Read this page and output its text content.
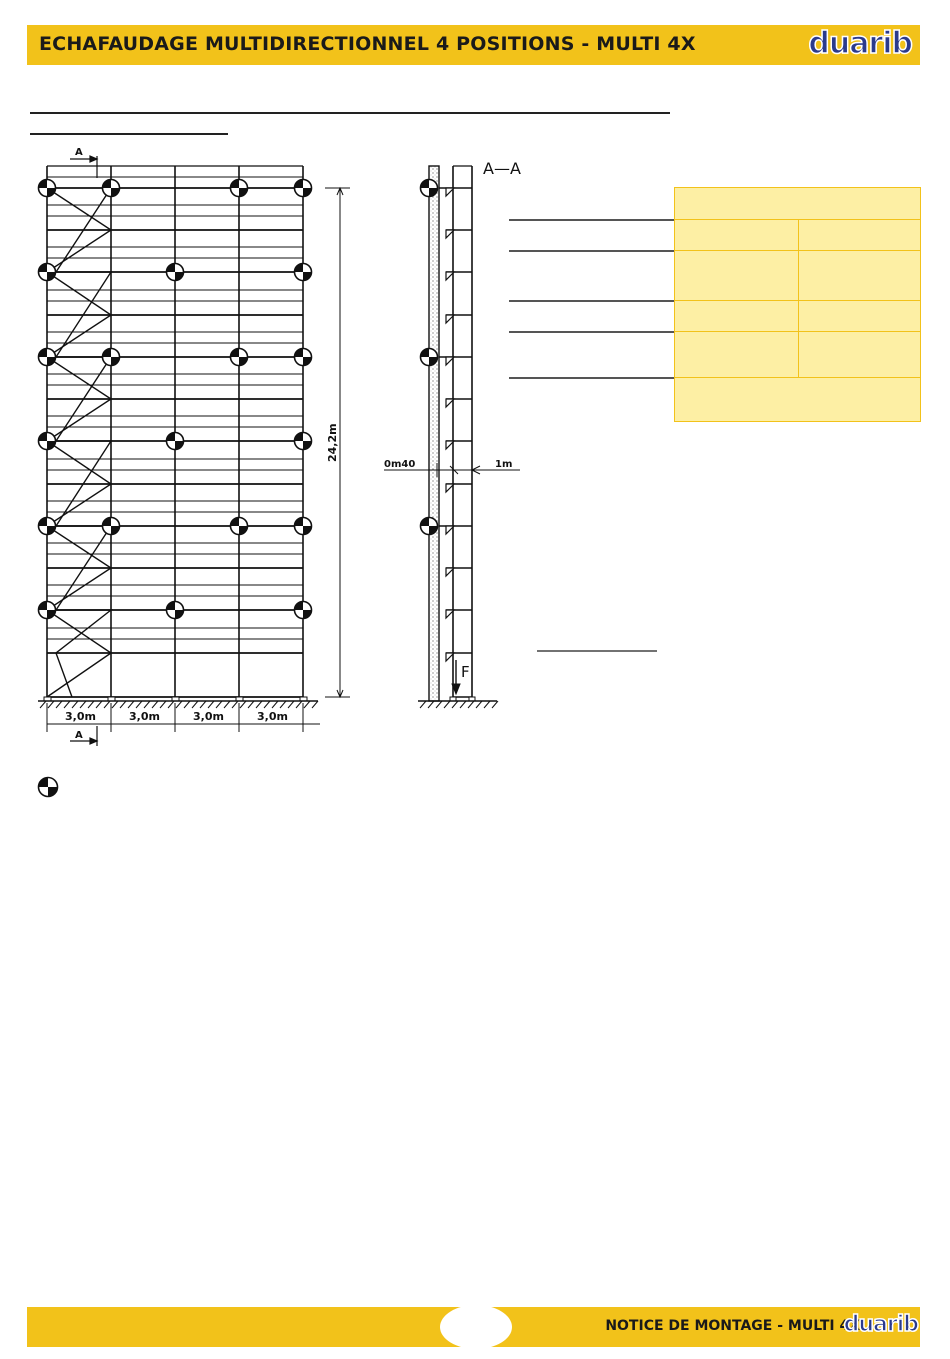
ECHAFAUDAGE MULTIDIRECTIONNEL 4 POSITIONS - MULTI 4X	duarib
A
A
24,2m
3,0m	3,0m	3,0m	3,0m
A—A
0m40	1m
F
NOTICE DE MONTAGE - MULTI 4X
duarib
